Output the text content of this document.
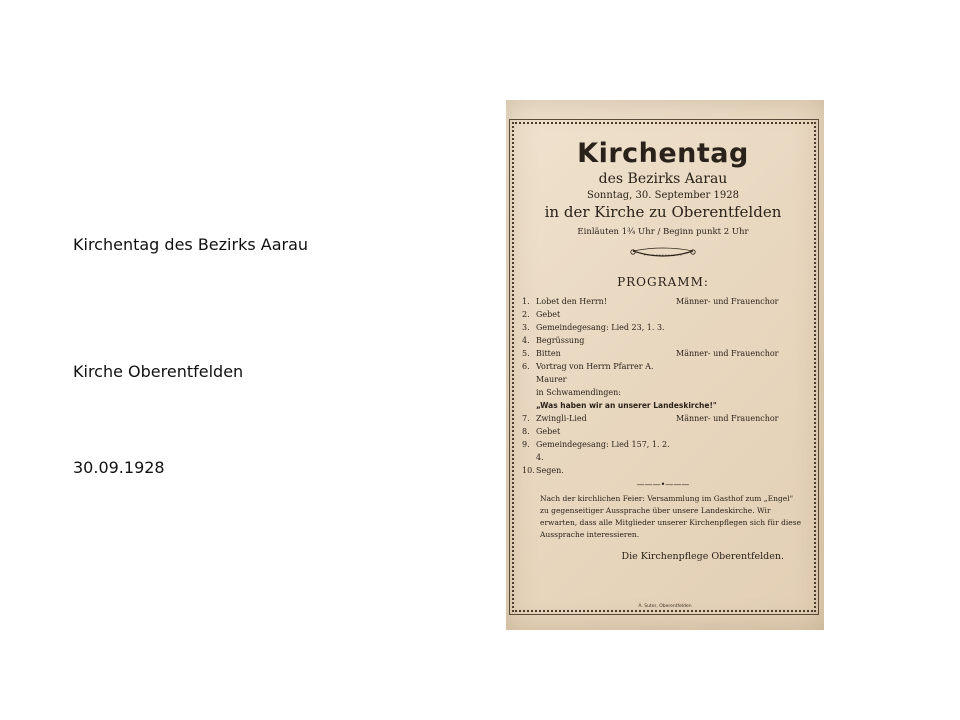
Kirchentag des Bezirks Aarau
Kirche Oberentfelden
30.09.1928
Kirchentag
des Bezirks Aarau
Sonntag, 30. September 1928
in der Kirche zu Oberentfelden
Einläuten 1¾ Uhr / Beginn punkt 2 Uhr
PROGRAMM:
1. Lobet den Herrn!	Männer- und Frauenchor
2. Gebet
3. Gemeindegesang: Lied 23, 1. 3.
4. Begrüssung
5. Bitten	Männer- und Frauenchor
6. Vortrag von Herrn Pfarrer A. Maurer
in Schwamendingen:
„Was haben wir an unserer Landeskirche!"
7. Zwingli-Lied	Männer- und Frauenchor
8. Gebet
9. Gemeindegesang: Lied 157, 1. 2. 4.
10. Segen.
———•———
Nach der kirchlichen Feier: Versammlung im Gasthof zum „Engel" zu gegenseitiger Aussprache über unsere Landeskirche. Wir erwarten, dass alle Mitglieder unserer Kirchenpflegen sich für diese Aussprache interessieren.
Die Kirchenpflege Oberentfelden.
A. Suter, Oberentfelden
